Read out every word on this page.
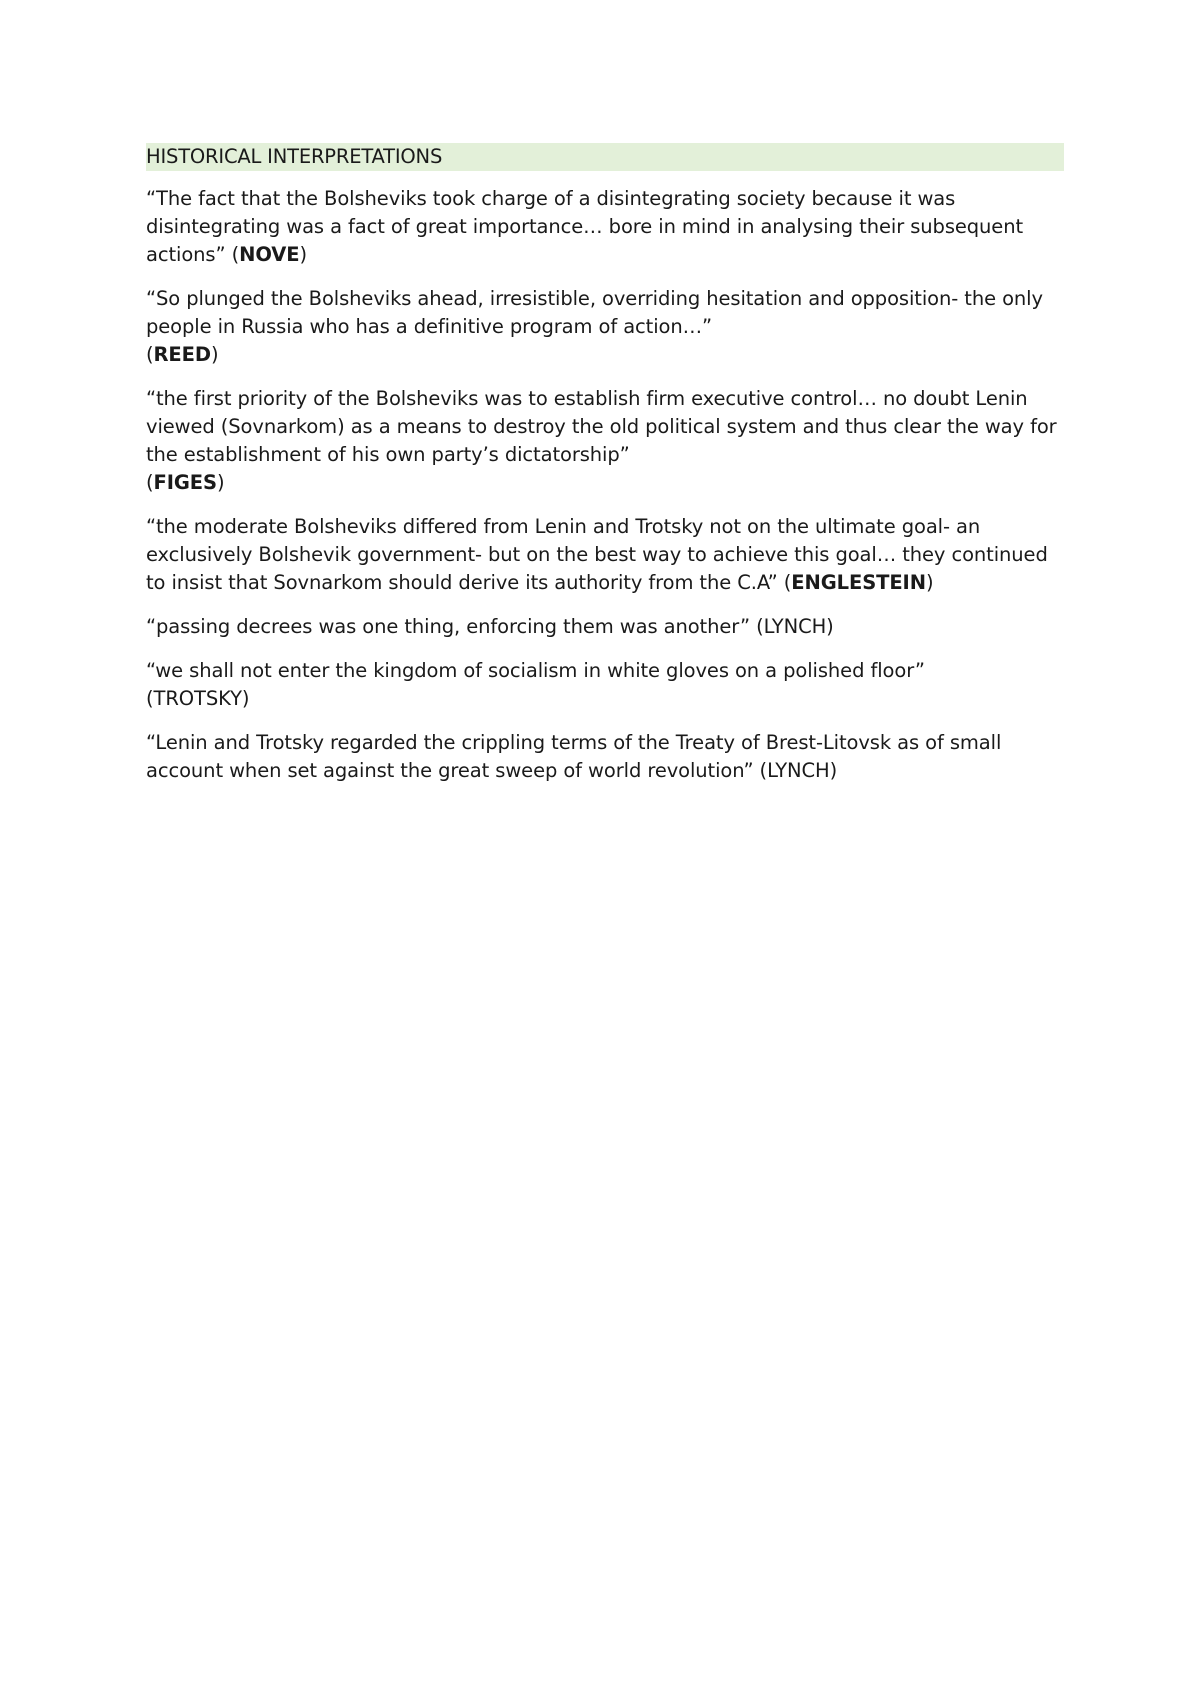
HISTORICAL INTERPRETATIONS

“The fact that the Bolsheviks took charge of a disintegrating society because it was disintegrating was a fact of great importance… bore in mind in analysing their subsequent actions” (NOVE)

“So plunged the Bolsheviks ahead, irresistible, overriding hesitation and opposition- the only people in Russia who has a definitive program of action…”
(REED)

“the first priority of the Bolsheviks was to establish firm executive control… no doubt Lenin viewed (Sovnarkom) as a means to destroy the old political system and thus clear the way for the establishment of his own party’s dictatorship”
(FIGES)

“the moderate Bolsheviks differed from Lenin and Trotsky not on the ultimate goal- an exclusively Bolshevik government- but on the best way to achieve this goal… they continued to insist that Sovnarkom should derive its authority from the C.A” (ENGLESTEIN)

“passing decrees was one thing, enforcing them was another” (LYNCH)

“we shall not enter the kingdom of socialism in white gloves on a polished floor”
(TROTSKY)

“Lenin and Trotsky regarded the crippling terms of the Treaty of Brest-Litovsk as of small account when set against the great sweep of world revolution” (LYNCH)
